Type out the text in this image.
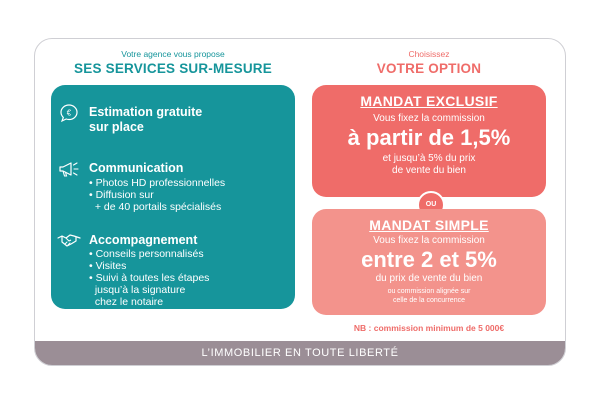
Votre agence vous propose
SES SERVICES SUR-MESURE
Choisissez
VOTRE OPTION
€ Estimation gratuite
sur place
Communication
• Photos HD professionnelles
• Diffusion sur
+ de 40 portails spécialisés
Accompagnement
• Conseils personnalisés
• Visites
• Suivi à toutes les étapes
jusqu’à la signature
chez le notaire
MANDAT EXCLUSIF
Vous fixez la commission
à partir de 1,5%
et jusqu’à 5% du prix
de vente du bien
OU
MANDAT SIMPLE
Vous fixez la commission
entre 2 et 5%
du prix de vente du bien
ou commission alignée sur
celle de la concurrence
NB : commission minimum de 5 000€
L’IMMOBILIER EN TOUTE LIBERTÉ
